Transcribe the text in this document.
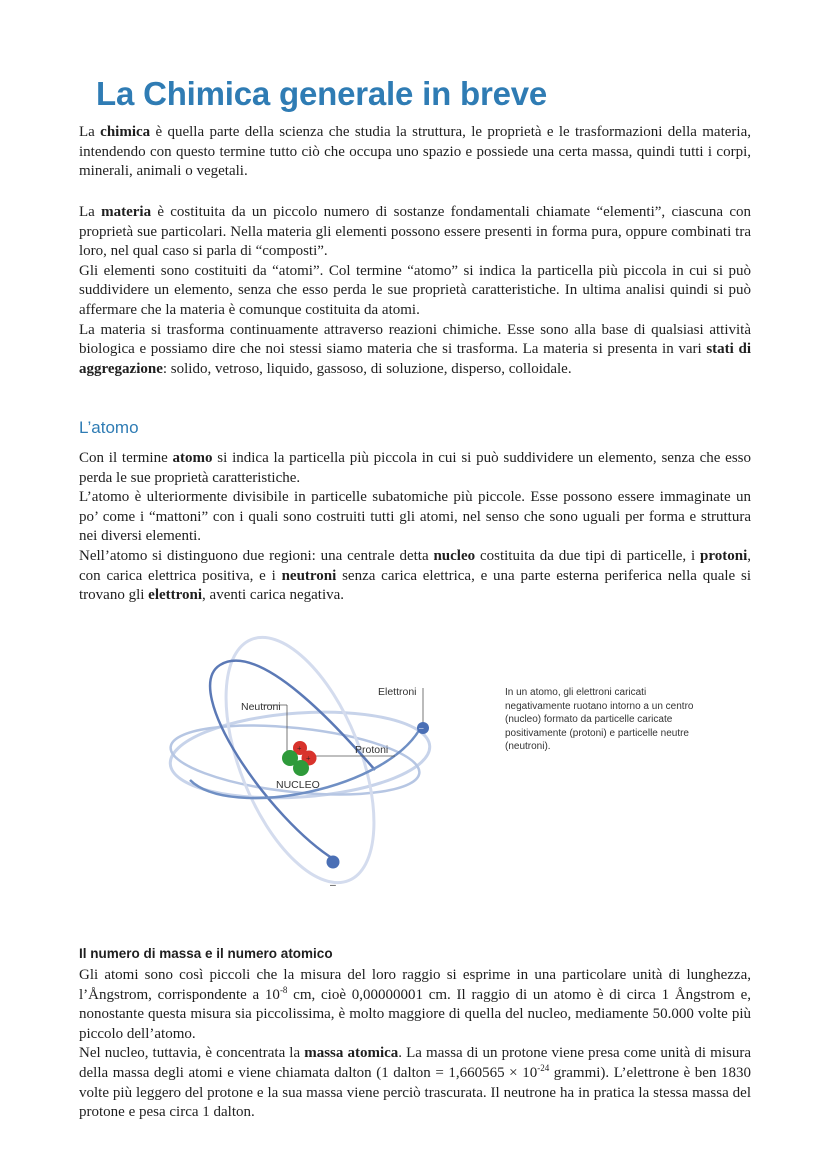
La Chimica generale in breve

La chimica è quella parte della scienza che studia la struttura, le proprietà e le trasformazioni della materia, intendendo con questo termine tutto ciò che occupa uno spazio e possiede una certa massa, quindi tutti i corpi, minerali, animali o vegetali.

La materia è costituita da un piccolo numero di sostanze fondamentali chiamate “elementi”, ciascuna con proprietà sue particolari. Nella materia gli elementi possono essere presenti in forma pura, oppure combinati tra loro, nel qual caso si parla di “composti”.

Gli elementi sono costituiti da “atomi”. Col termine “atomo” si indica la particella più piccola in cui si può suddividere un elemento, senza che esso perda le sue proprietà caratteristiche. In ultima analisi quindi si può affermare che la materia è comunque costituita da atomi.

La materia si trasforma continuamente attraverso reazioni chimiche. Esse sono alla base di qualsiasi attività biologica e possiamo dire che noi stessi siamo materia che si trasforma. La materia si presenta in vari stati di aggregazione: solido, vetroso, liquido, gassoso, di soluzione, disperso, colloidale.

L’atomo

Con il termine atomo si indica la particella più piccola in cui si può suddividere un elemento, senza che esso perda le sue proprietà caratteristiche.

L’atomo è ulteriormente divisibile in particelle subatomiche più piccole. Esse possono essere immaginate un po’ come i “mattoni” con i quali sono costruiti tutti gli atomi, nel senso che sono uguali per forma e struttura nei diversi elementi.

Nell’atomo si distinguono due regioni: una centrale detta nucleo costituita da due tipi di particelle, i protoni, con carica elettrica positiva, e i neutroni senza carica elettrica, e una parte esterna periferica nella quale si trovano gli elettroni, aventi carica negativa.

+
+
–
Neutroni
Elettroni
Protoni
NUCLEO
–
In un atomo, gli elettroni caricati negativamente ruotano intorno a un centro (nucleo) formato da particelle caricate positivamente (protoni) e particelle neutre (neutroni).
Il numero di massa e il numero atomico

Gli atomi sono così piccoli che la misura del loro raggio si esprime in una particolare unità di lunghezza, l’Ångstrom, corrispondente a $10^{-8}$ cm, cioè 0,00000001 cm. Il raggio di un atomo è di circa 1 Ångstrom e, nonostante questa misura sia piccolissima, è molto maggiore di quella del nucleo, mediamente 50.000 volte più piccolo dell’atomo.

Nel nucleo, tuttavia, è concentrata la massa atomica. La massa di un protone viene presa come unità di misura della massa degli atomi e viene chiamata dalton (1 dalton = $1,660565 \times 10^{-24}$ grammi). L’elettrone è ben 1830 volte più leggero del protone e la sua massa viene perciò trascurata. Il neutrone ha in pratica la stessa massa del protone e pesa circa 1 dalton.
